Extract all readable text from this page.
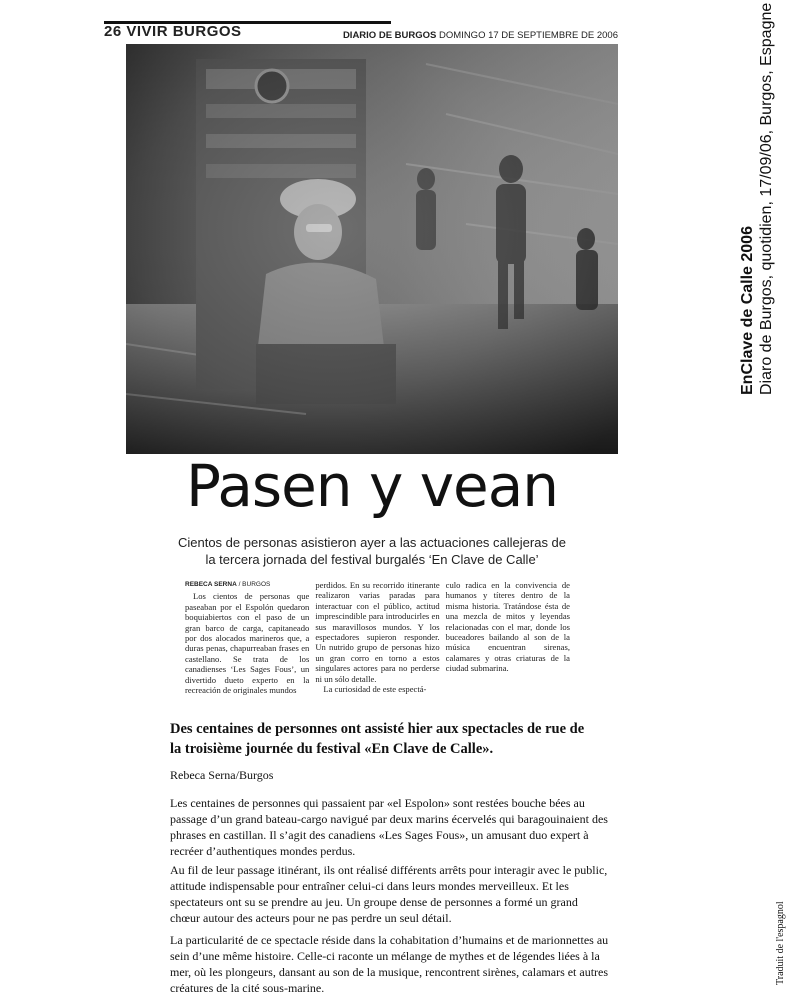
26 VIVIR BURGOS	DIARIO DE BURGOS DOMINGO 17 DE SEPTIEMBRE DE 2006
Pasen y vean
Cientos de personas asistieron ayer a las actuaciones callejeras de
la tercera jornada del festival burgalés ‘En Clave de Calle’
REBECA SERNA / BURGOS

Los cientos de personas que paseaban por el Espolón quedaron boquiabiertos con el paso de un gran barco de carga, capitaneado por dos alocados marineros que, a duras penas, chapurreaban frases en castellano. Se trata de los canadienses ‘Les Sages Fous’, un divertido dueto experto en la recreación de originales mundos

perdidos. En su recorrido itinerante realizaron varias paradas para interactuar con el público, actitud imprescindible para introducirles en sus maravillosos mundos. Y los espectadores supieron responder. Un nutrido grupo de personas hizo un gran corro en torno a estos singulares actores para no perderse ni un sólo detalle.

La curiosidad de este espectá-

culo radica en la convivencia de humanos y títeres dentro de la misma historia. Tratándose ésta de una mezcla de mitos y leyendas relacionadas con el mar, donde los buceadores bailando al son de la música encuentran sirenas, calamares y otras criaturas de la ciudad submarina.

Des centaines de personnes ont assisté hier aux spectacles de rue de
la troisième journée du festival «En Clave de Calle».
Rebeca Serna/Burgos
Les centaines de personnes qui passaient par «el Espolon» sont restées bouche bées au passage d’un grand bateau-cargo navigué par deux marins écervelés qui baragouinaient des phrases en castillan. Il s’agit des canadiens «Les Sages Fous», un amusant duo expert à recréer d’authentiques mondes perdus.
Au fil de leur passage itinérant, ils ont réalisé différents arrêts pour interagir avec le public, attitude indispensable pour entraîner celui-ci dans leurs mondes merveilleux. Et les spectateurs ont su se prendre au jeu. Un groupe dense de personnes a formé un grand chœur autour des acteurs pour ne pas perdre un seul détail.
La particularité de ce spectacle réside dans la cohabitation d’humains et de marionnettes au sein d’une même histoire. Celle-ci raconte un mélange de mythes et de légendes liées à la mer, où les plongeurs, dansant au son de la musique, rencontrent sirènes, calamars et autres créatures de la cité sous-marine.
EnClave de Calle 2006 Diaro de Burgos, quotidien, 17/09/06, Burgos, Espagne
Traduit de l'espagnol
